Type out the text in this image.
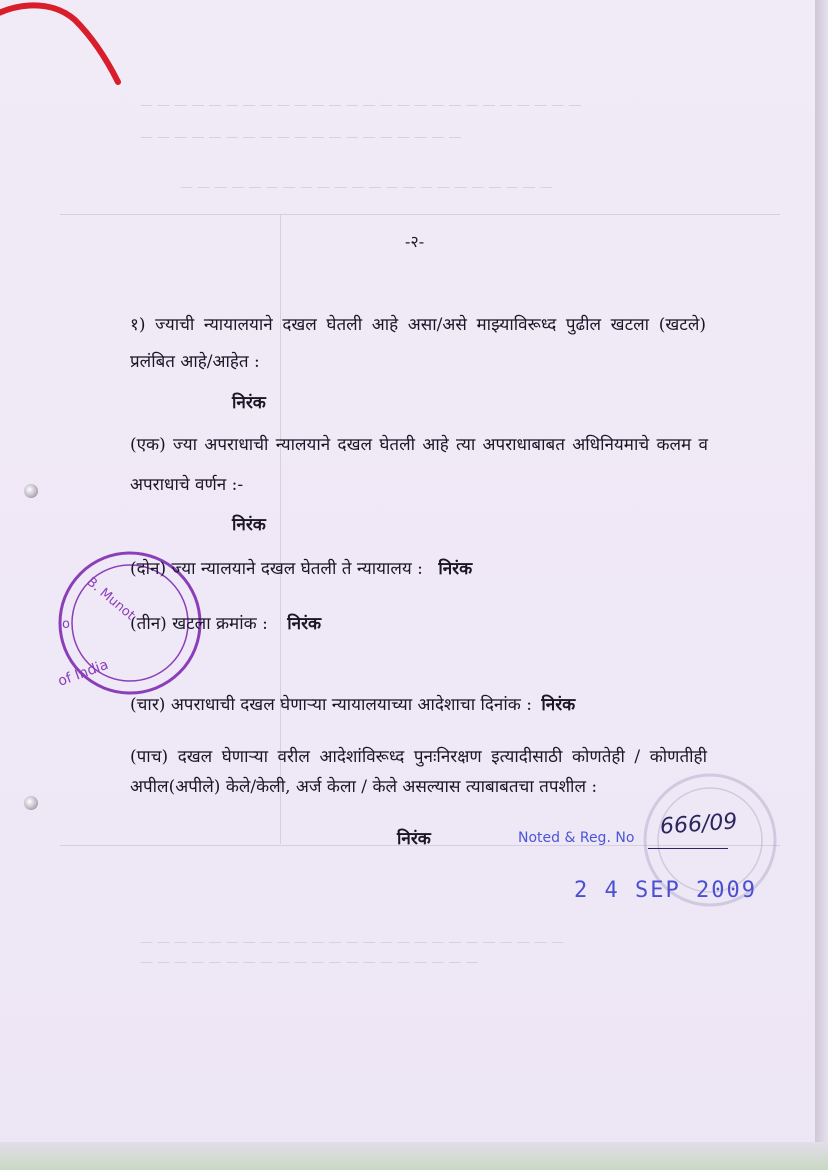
— — — — — — — — — — — — — — — — — — — — — — — — — —
— — — — — — — — — — — — — — — — — — —
— — — — — — — — — — — — — — — — — — — — — —
— — — — — — — — — — — — — — — — — — — — — — — — —
— — — — — — — — — — — — — — — — — — — —
B. Munot
o
of India
-२-
१) ज्याची न्यायालयाने दखल घेतली आहे असा/असे माझ्याविरूध्द पुढील खटला (खटले)
प्रलंबित आहे/आहेत :
निरंक
(एक) ज्या अपराधाची न्यालयाने दखल घेतली आहे त्या अपराधाबाबत अधिनियमाचे कलम व
अपराधाचे वर्णन :-
निरंक
(दोन) ज्या न्यालयाने दखल घेतली ते न्यायालय : निरंक
(तीन) खटला क्रमांक : निरंक
(चार) अपराधाची दखल घेणाऱ्या न्यायालयाच्या आदेशाचा दिनांक : निरंक
(पाच) दखल घेणाऱ्या वरील आदेशांविरूध्द पुनःनिरक्षण इत्यादीसाठी कोणतेही / कोणतीही
अपील(अपीले) केले/केली, अर्ज केला / केले असल्यास त्याबाबतचा तपशील :
निरंक	Noted & Reg. No 666/09
2 4 SEP 2009
